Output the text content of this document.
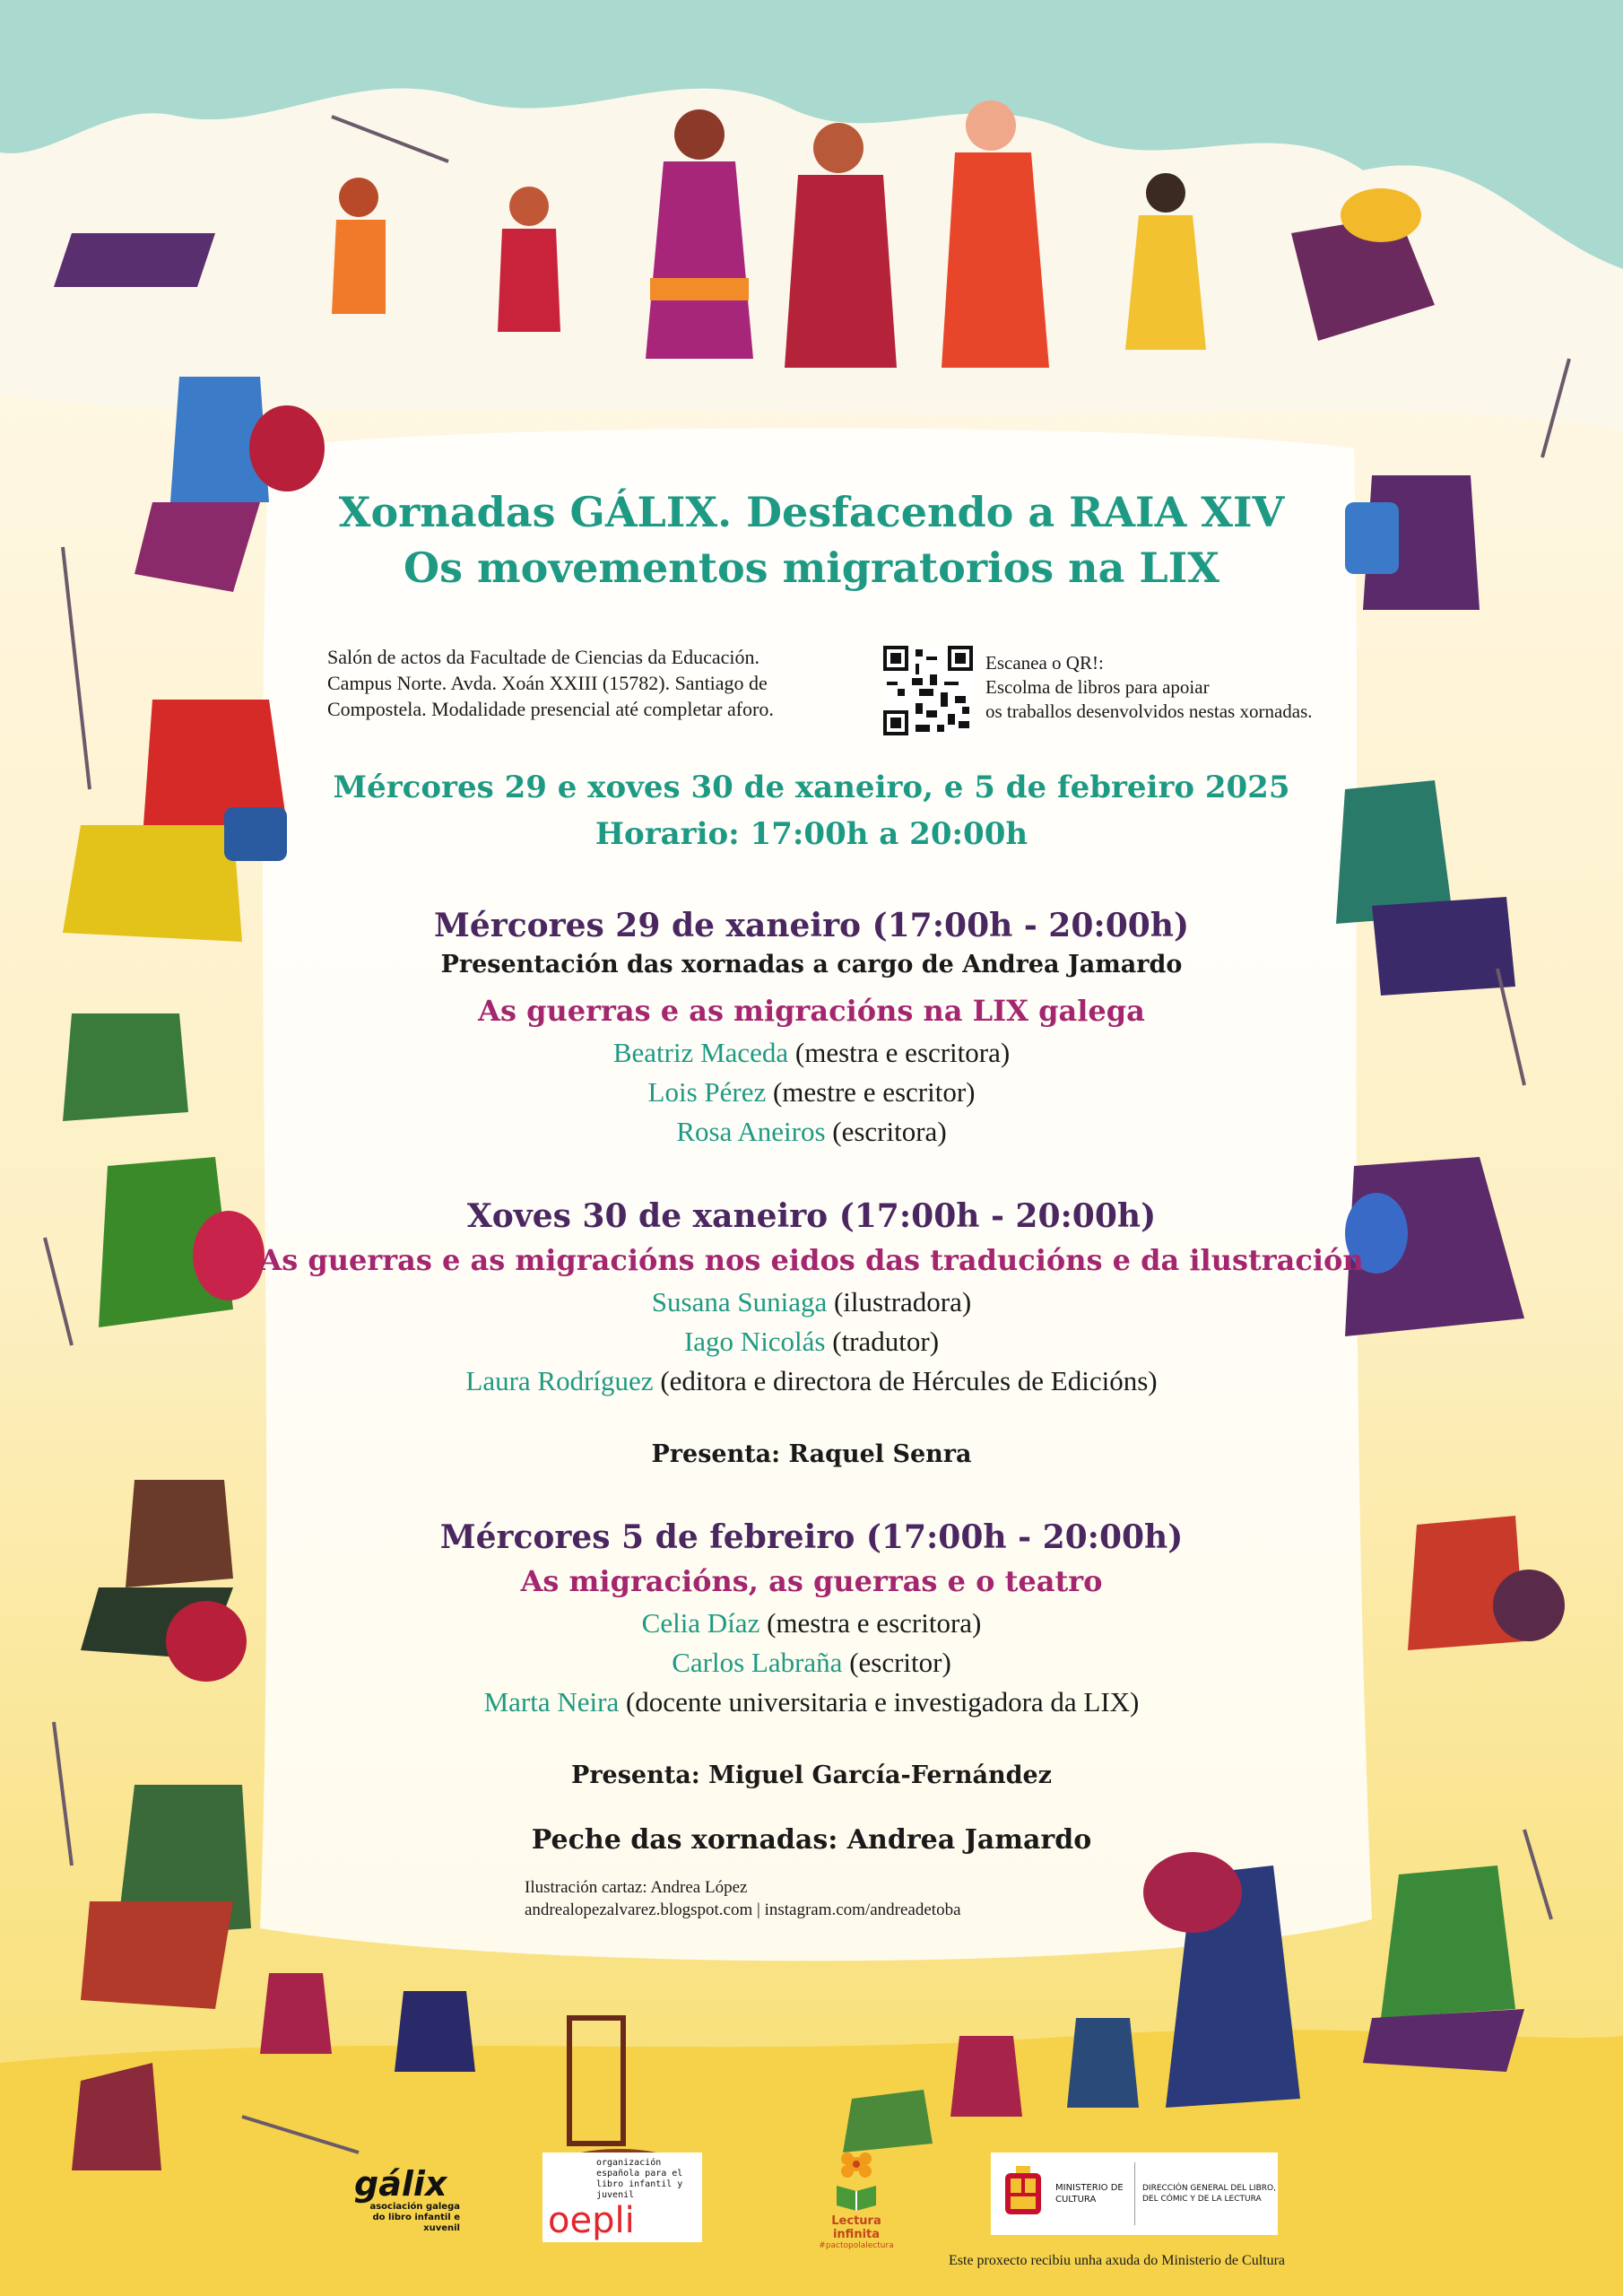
Xornadas GÁLIX. Desfacendo a RAIA XIV
Os movementos migratorios na LIX
Salón de actos da Facultade de Ciencias da Educación.
Campus Norte. Avda. Xoán XXIII (15782). Santiago de
Compostela. Modalidade presencial até completar aforo.
Escanea o QR!:
Escolma de libros para apoiar
os traballos desenvolvidos nestas xornadas.
Mércores 29 e xoves 30 de xaneiro, e 5 de febreiro 2025
Horario: 17:00h a 20:00h
Mércores 29 de xaneiro (17:00h - 20:00h)
Presentación das xornadas a cargo de Andrea Jamardo
As guerras e as migracións na LIX galega
Beatriz Maceda (mestra e escritora)
Lois Pérez (mestre e escritor)
Rosa Aneiros (escritora)
Xoves 30 de xaneiro (17:00h - 20:00h)
As guerras e as migracións nos eidos das traducións e da ilustración
Susana Suniaga (ilustradora)
Iago Nicolás (tradutor)
Laura Rodríguez (editora e directora de Hércules de Edicións)
Presenta: Raquel Senra
Mércores 5 de febreiro (17:00h - 20:00h)
As migracións, as guerras e o teatro
Celia Díaz (mestra e escritora)
Carlos Labraña (escritor)
Marta Neira (docente universitaria e investigadora da LIX)
Presenta: Miguel García-Fernández
Peche das xornadas: Andrea Jamardo
Ilustración cartaz: Andrea López
andrealopezalvarez.blogspot.com | instagram.com/andreadetoba
gálix
asociación galega do libro infantil e xuvenil
organización española para el libro infantil y juvenil
oepli	Lectura infinita
#pactopolalectura
MINISTERIO DE CULTURA
DIRECCIÓN GENERAL DEL LIBRO, DEL CÓMIC Y DE LA LECTURA
Este proxecto recibiu unha axuda do Ministerio de Cultura
